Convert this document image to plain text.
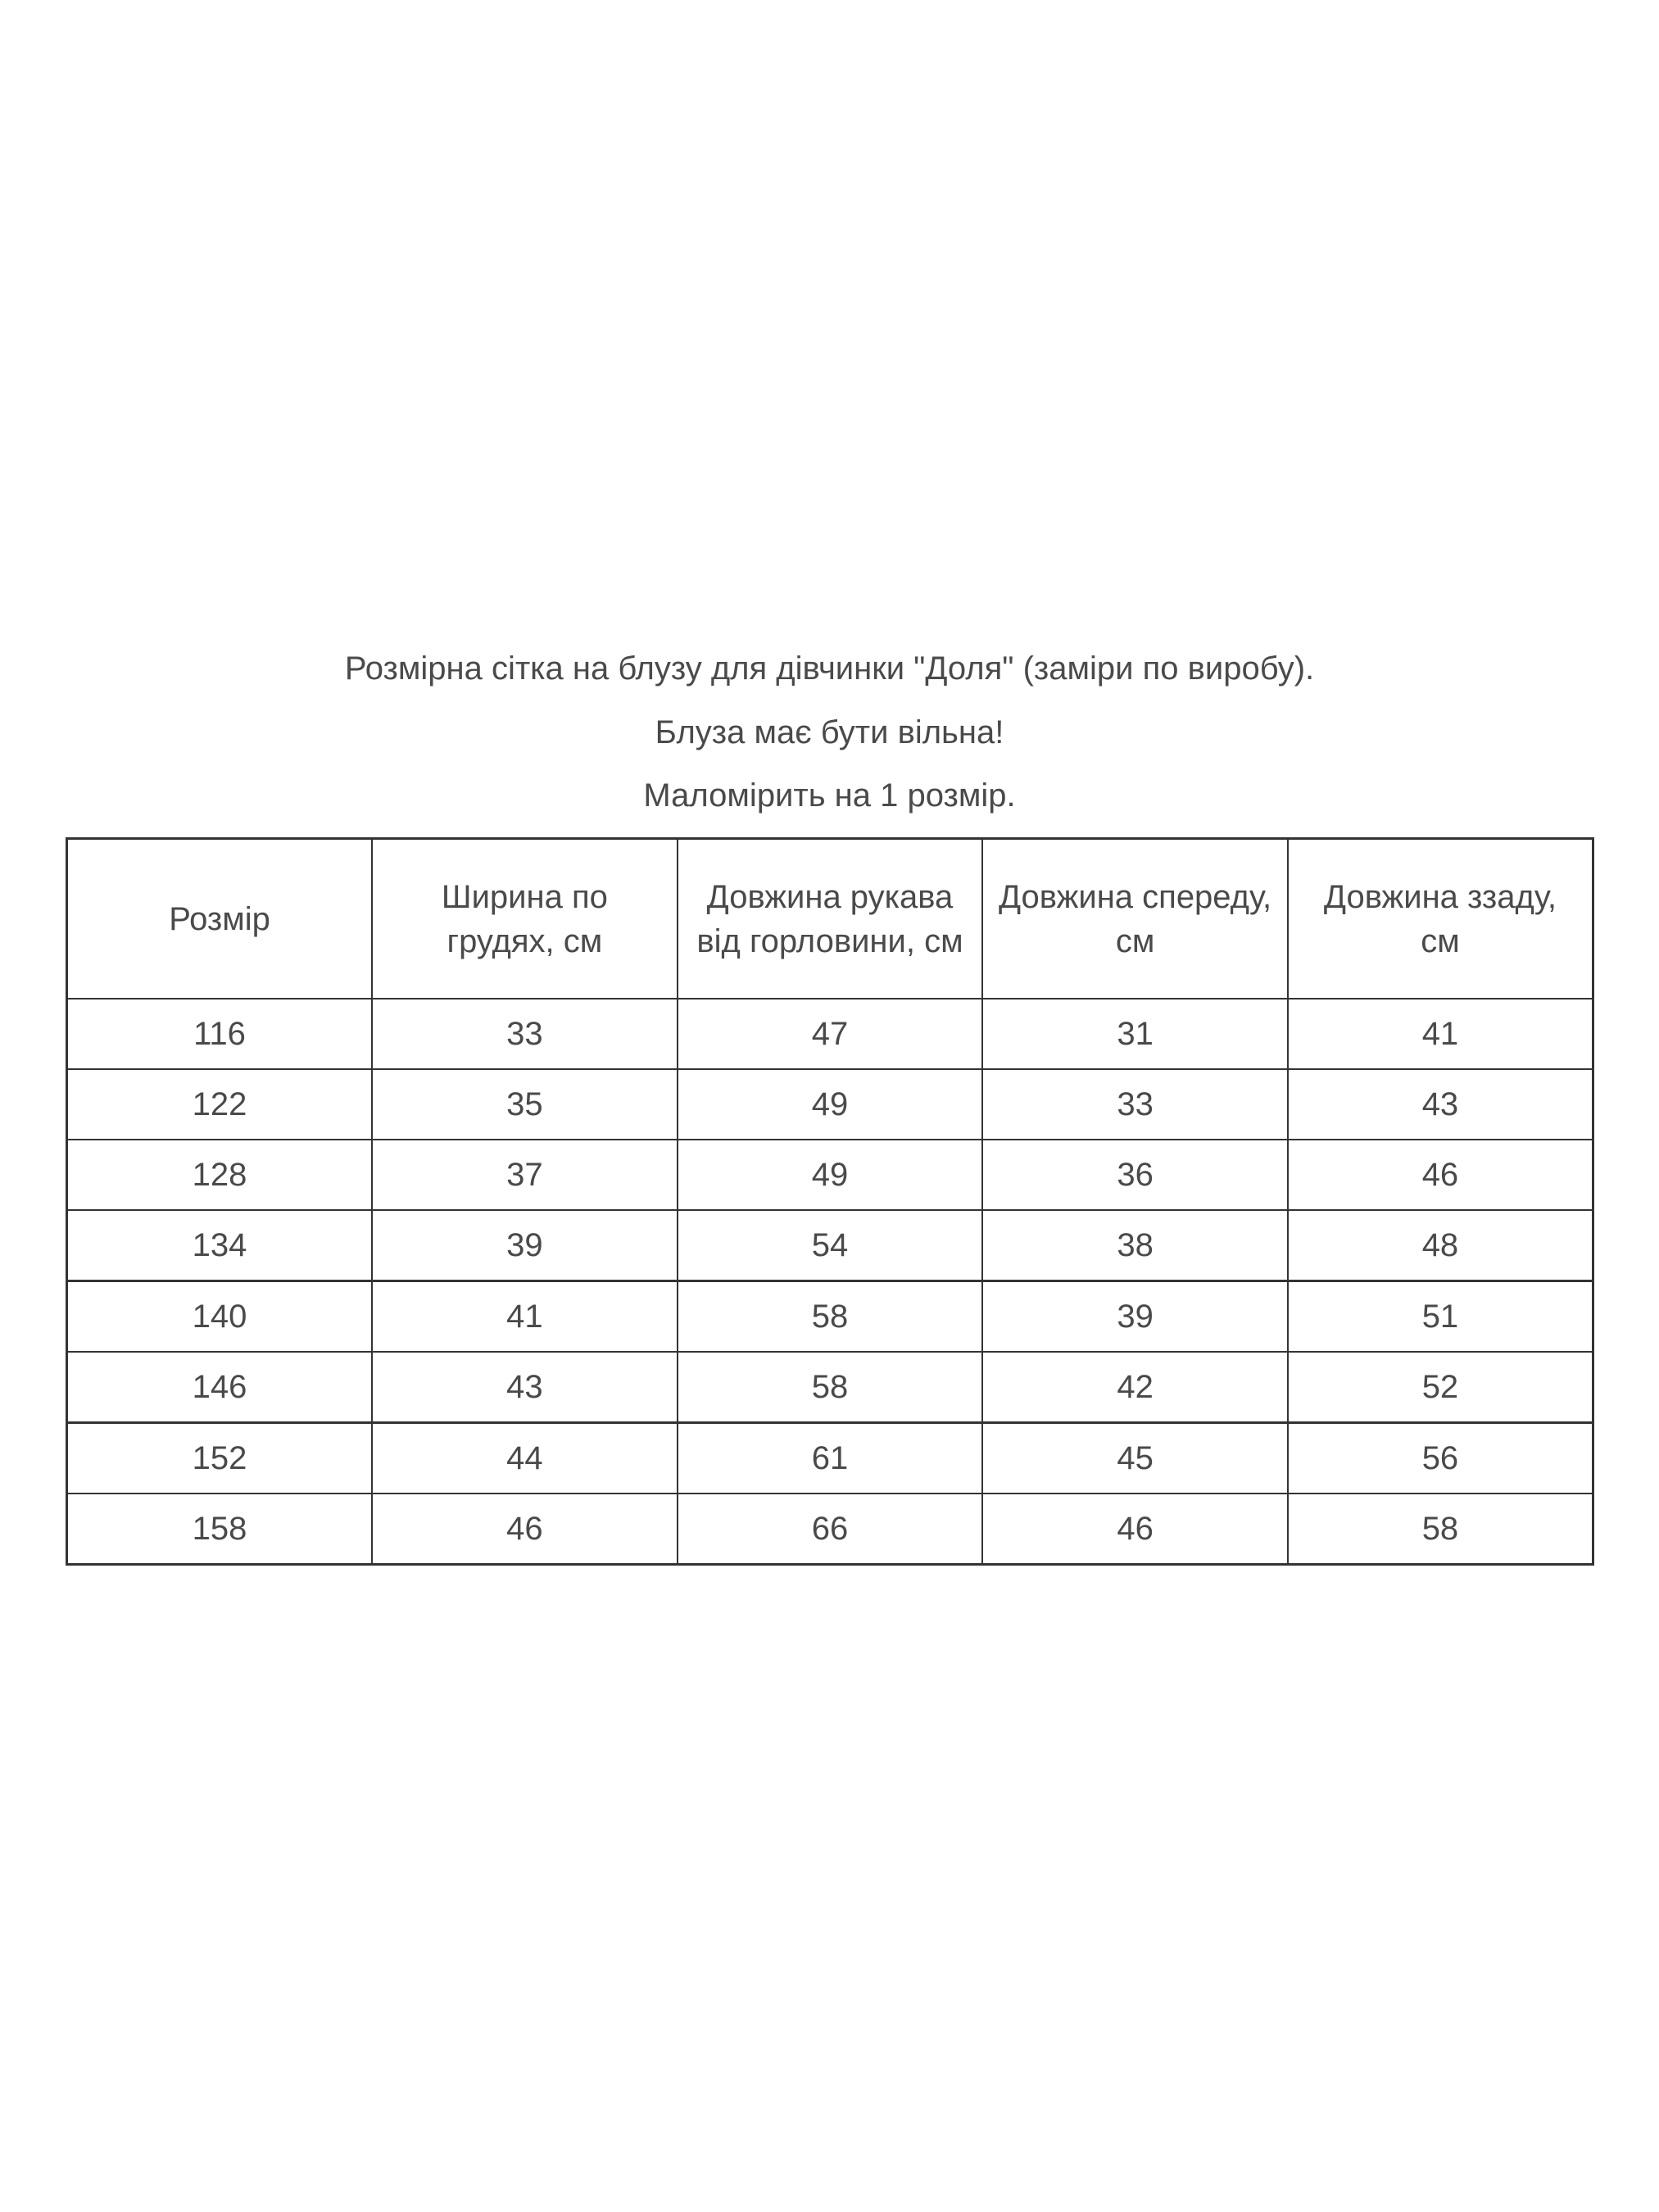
Розмірна сітка на блузу для дівчинки "Доля" (заміри по виробу).
Блуза має бути вільна!
Маломірить на 1 розмір.
Розмір	Ширина по грудях, см	Довжина рукава від горловини, см	Довжина спереду, см	Довжина ззаду, см
116	33	47	31	41
122	35	49	33	43
128	37	49	36	46
134	39	54	38	48
140	41	58	39	51
146	43	58	42	52
152	44	61	45	56
158	46	66	46	58
